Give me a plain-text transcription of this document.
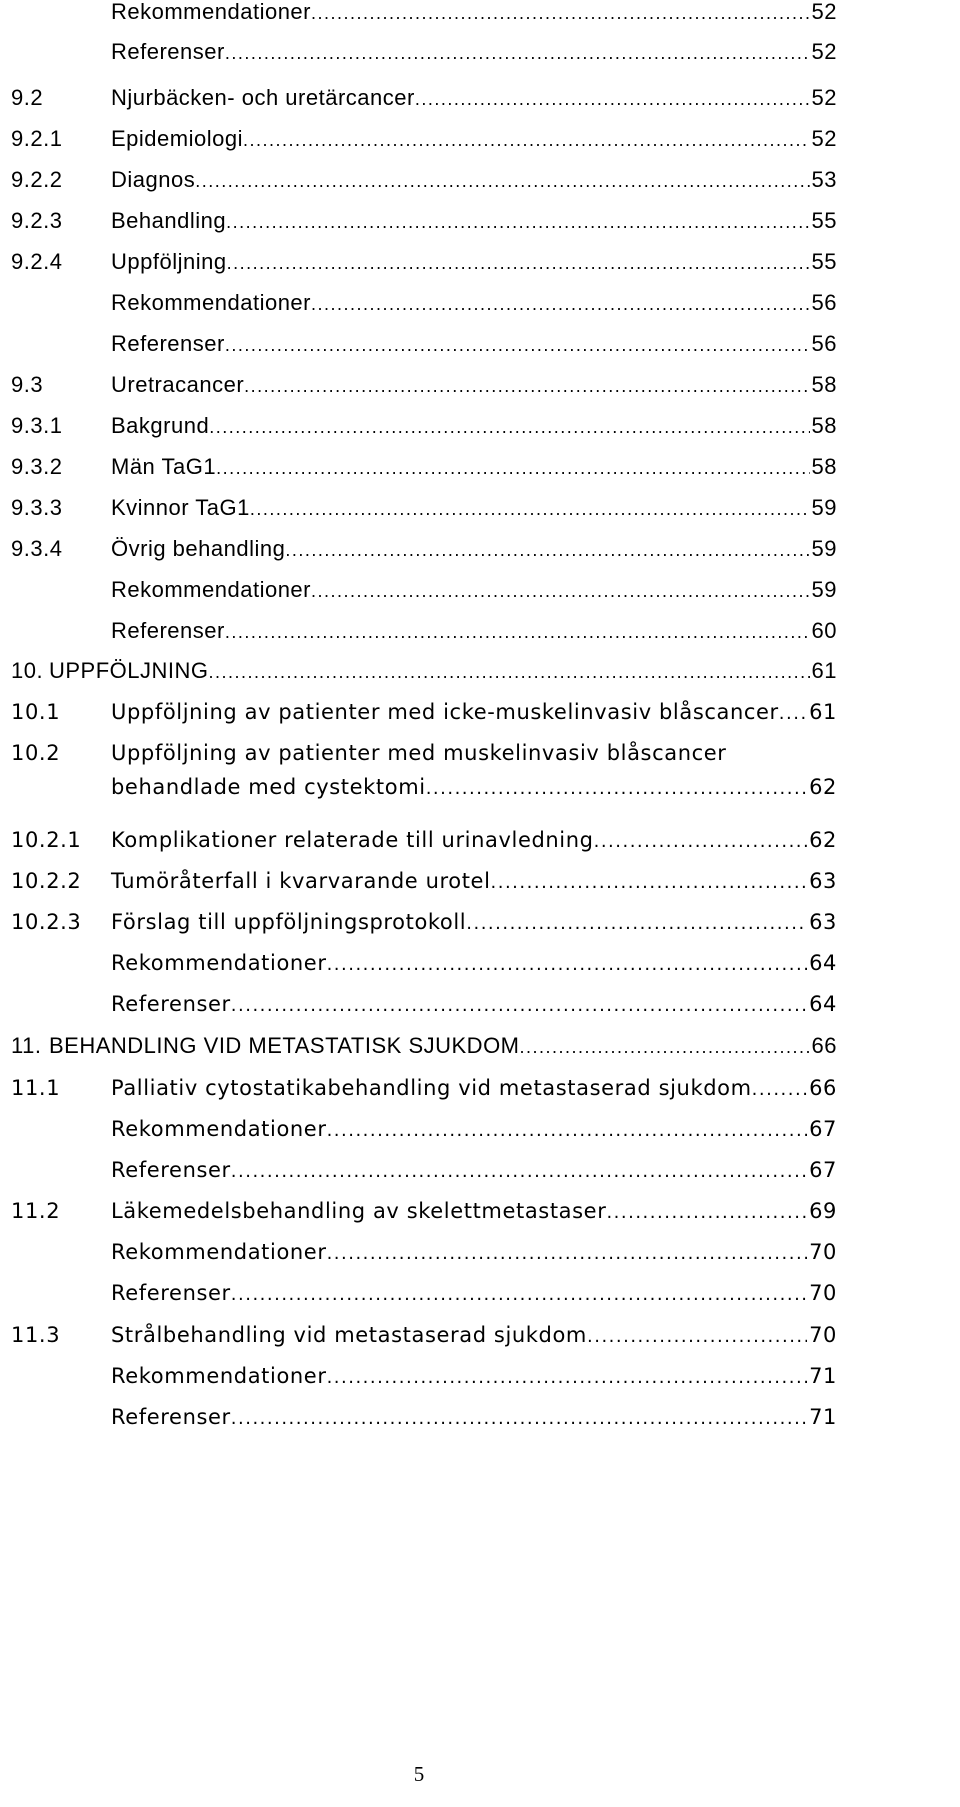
Rekommendationer .....	52
Referenser .....	52
9.2	Njurbäcken- och uretärcancer .....	52
9.2.1 Epidemiologi .....	52
9.2.2 Diagnos .....	53
9.2.3 Behandling .....	55
9.2.4 Uppföljning .....	55
Rekommendationer .....	56
Referenser .....	56
9.3	Uretracancer .....	58
9.3.1 Bakgrund .....	58
9.3.2 Män TaG1 .....	58
9.3.3 Kvinnor TaG1 .....	59
9.3.4 Övrig behandling .....	59
Rekommendationer .....	59
Referenser .....	60
10. UPPFÖLJNING .....	61
10.1 Uppföljning av patienter med icke-muskelinvasiv blåscancer ..... 61
10.2 Uppföljning av patienter med muskelinvasiv blåscancer
behandlade med cystektomi .....	62
10.2.1 Komplikationer relaterade till urinavledning .....	62
10.2.2 Tumöråterfall i kvarvarande urotel .....	63
10.2.3 Förslag till uppföljningsprotokoll .....	63
Rekommendationer .....	64
Referenser .....	64
11. BEHANDLING VID METASTATISK SJUKDOM .....	66
11.1 Palliativ cytostatikabehandling vid metastaserad sjukdom .....	66
Rekommendationer .....	67
Referenser .....	67
11.2 Läkemedelsbehandling av skelettmetastaser .....	69
Rekommendationer .....	70
Referenser .....	70
11.3 Strålbehandling vid metastaserad sjukdom .....	70
Rekommendationer .....	71
Referenser .....	71
5
